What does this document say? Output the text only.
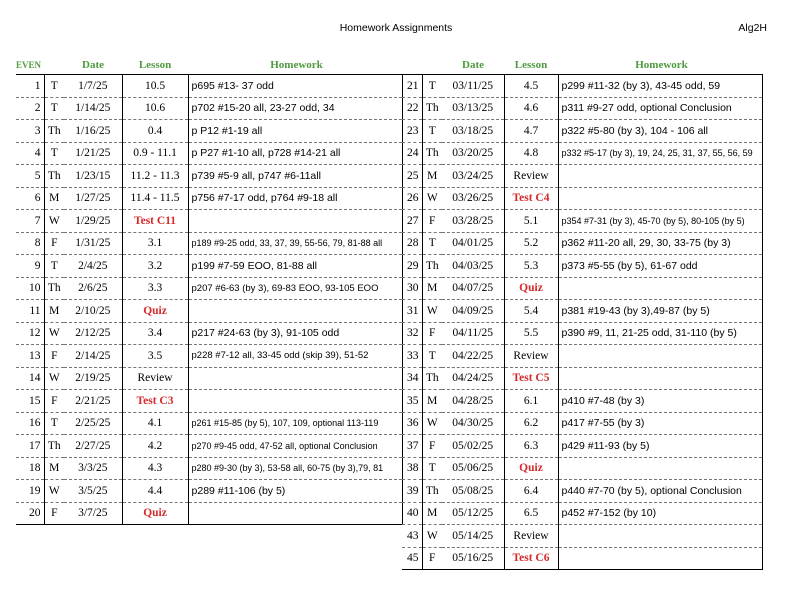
Homework Assignments	Alg2H
EVEN		Date	Lesson	Homework
1	T	1/7/25	10.5	p695 #13- 37 odd
2	T	1/14/25	10.6	p702 #15-20 all, 23-27 odd, 34
3	Th	1/16/25	0.4	p P12 #1-19 all
4	T	1/21/25	0.9 - 11.1	p P27 #1-10 all, p728 #14-21 all
5	Th	1/23/15	11.2 - 11.3	p739 #5-9 all, p747 #6-11all
6	M	1/27/25	11.4 - 11.5	p756 #7-17 odd, p764 #9-18 all
7	W	1/29/25	Test C11	
8	F	1/31/25	3.1	p189 #9-25 odd, 33, 37, 39, 55-56, 79, 81-88 all
9	T	2/4/25	3.2	p199 #7-59 EOO, 81-88 all
10	Th	2/6/25	3.3	p207 #6-63 (by 3), 69-83 EOO, 93-105 EOO
11	M	2/10/25	Quiz	
12	W	2/12/25	3.4	p217 #24-63 (by 3), 91-105 odd
13	F	2/14/25	3.5	p228 #7-12 all, 33-45 odd (skip 39), 51-52
14	W	2/19/25	Review	
15	F	2/21/25	Test C3	
16	T	2/25/25	4.1	p261 #15-85 (by 5), 107, 109, optional 113-119
17	Th	2/27/25	4.2	p270 #9-45 odd, 47-52 all, optional Conclusion
18	M	3/3/25	4.3	p280 #9-30 (by 3), 53-58 all, 60-75 (by 3),79, 81
19	W	3/5/25	4.4	p289 #11-106 (by 5)
20	F	3/7/25	Quiz	
		Date	Lesson	Homework
21	T	03/11/25	4.5	p299 #11-32 (by 3), 43-45 odd, 59
22	Th	03/13/25	4.6	p311 #9-27 odd, optional Conclusion
23	T	03/18/25	4.7	p322 #5-80 (by 3), 104 - 106 all
24	Th	03/20/25	4.8	p332 #5-17 (by 3), 19, 24, 25, 31, 37, 55, 56, 59
25	M	03/24/25	Review	
26	W	03/26/25	Test C4	
27	F	03/28/25	5.1	p354 #7-31 (by 3), 45-70 (by 5), 80-105 (by 5)
28	T	04/01/25	5.2	p362 #11-20 all, 29, 30, 33-75 (by 3)
29	Th	04/03/25	5.3	p373 #5-55 (by 5), 61-67 odd
30	M	04/07/25	Quiz	
31	W	04/09/25	5.4	p381 #19-43 (by 3),49-87 (by 5)
32	F	04/11/25	5.5	p390 #9, 11, 21-25 odd, 31-110 (by 5)
33	T	04/22/25	Review	
34	Th	04/24/25	Test C5	
35	M	04/28/25	6.1	p410 #7-48 (by 3)
36	W	04/30/25	6.2	p417 #7-55 (by 3)
37	F	05/02/25	6.3	p429 #11-93 (by 5)
38	T	05/06/25	Quiz	
39	Th	05/08/25	6.4	p440 #7-70 (by 5), optional Conclusion
40	M	05/12/25	6.5	p452 #7-152 (by 10)
43	W	05/14/25	Review	
45	F	05/16/25	Test C6	
